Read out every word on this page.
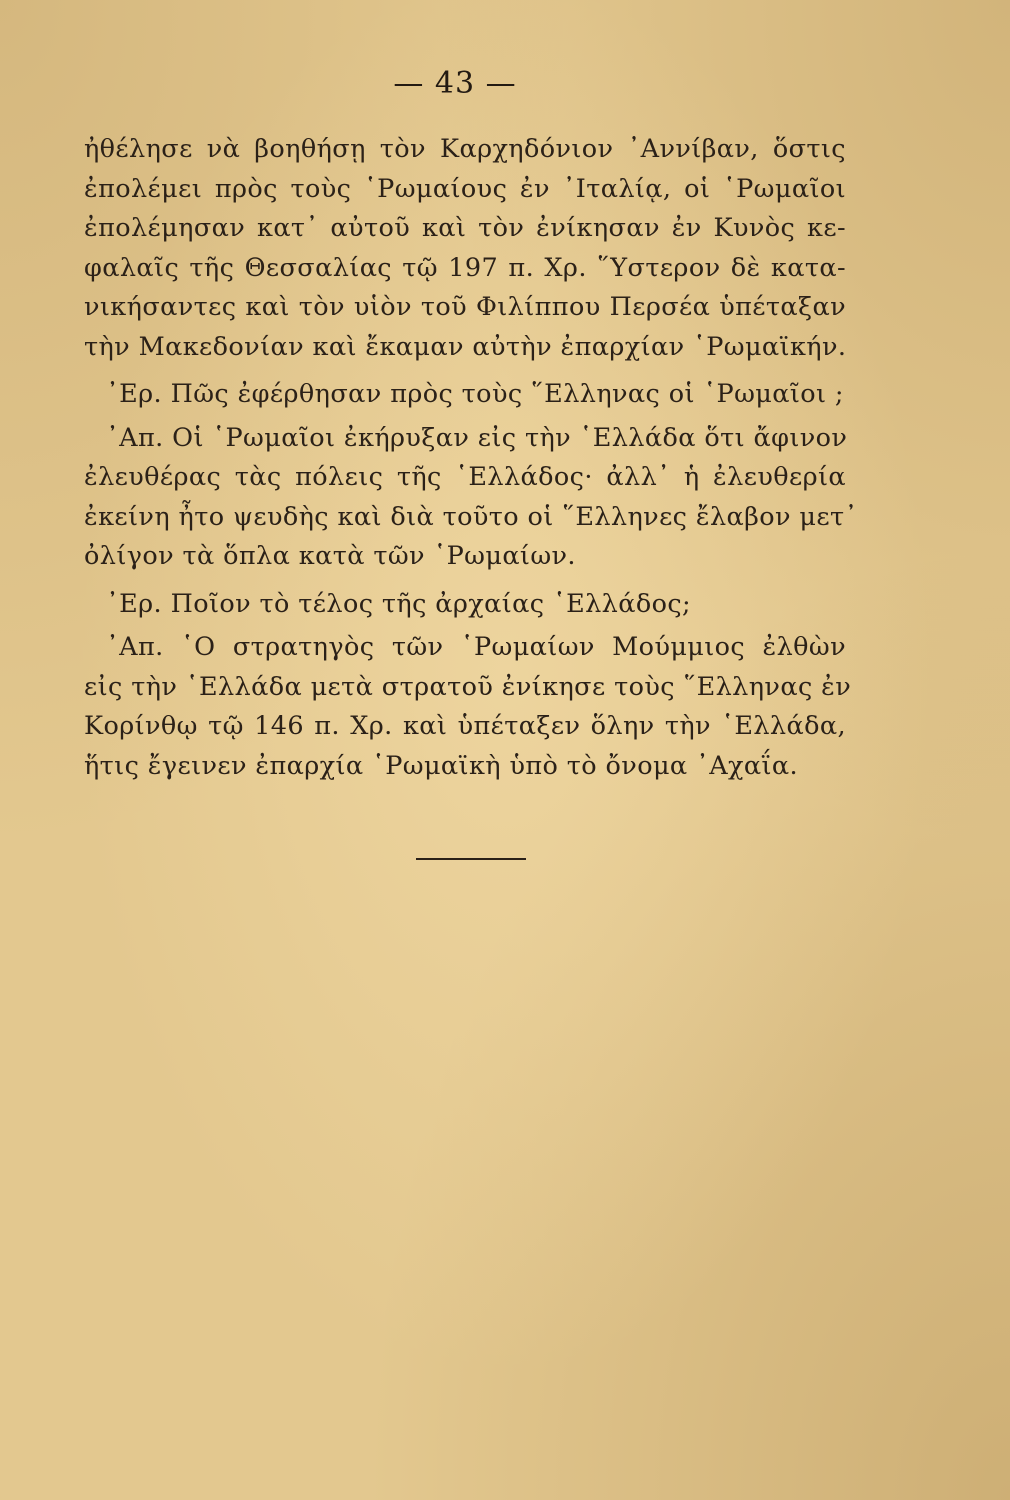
— 43 —
ἠθέλησε νὰ βοηθήσῃ τὸν Καρχηδόνιον ᾽Αννίβαν, ὅστις
ἐπολέμει πρὸς τοὺς ῾Ρωμαίους ἐν ᾽Ιταλίᾳ, οἱ ῾Ρωμαῖοι
ἐπολέμησαν κατ᾽ αὐτοῦ καὶ τὸν ἐνίκησαν ἐν Κυνὸς κε-
φαλαῖς τῆς Θεσσαλίας τῷ 197 π. Χρ. ῞Υστερον δὲ κατα-
νικήσαντες καὶ τὸν υἱὸν τοῦ Φιλίππου Περσέα ὑπέταξαν
τὴν Μακεδονίαν καὶ ἔκαμαν αὐτὴν ἐπαρχίαν ῾Ρωμαϊκήν.
᾽Ερ. Πῶς ἐφέρθησαν πρὸς τοὺς ῞Ελληνας οἱ ῾Ρωμαῖοι ;
᾽Απ. Οἱ ῾Ρωμαῖοι ἐκήρυξαν εἰς τὴν ῾Ελλάδα ὅτι ἄφινον
ἐλευθέρας τὰς πόλεις τῆς ῾Ελλάδος· ἀλλ᾽ ἡ ἐλευθερία
ἐκείνη ἦτο ψευδὴς καὶ διὰ τοῦτο οἱ ῞Ελληνες ἔλαβον μετ᾽
ὀλίγον τὰ ὅπλα κατὰ τῶν ῾Ρωμαίων.
᾽Ερ. Ποῖον τὸ τέλος τῆς ἀρχαίας ῾Ελλάδος;
᾽Απ. ῾Ο στρατηγὸς τῶν ῾Ρωμαίων Μούμμιος ἐλθὼν
εἰς τὴν ῾Ελλάδα μετὰ στρατοῦ ἐνίκησε τοὺς ῞Ελληνας ἐν
Κορίνθῳ τῷ 146 π. Χρ. καὶ ὑπέταξεν ὅλην τὴν ῾Ελλάδα,
ἥτις ἔγεινεν ἐπαρχία ῾Ρωμαϊκὴ ὑπὸ τὸ ὄνομα ᾽Αχαΐα.
